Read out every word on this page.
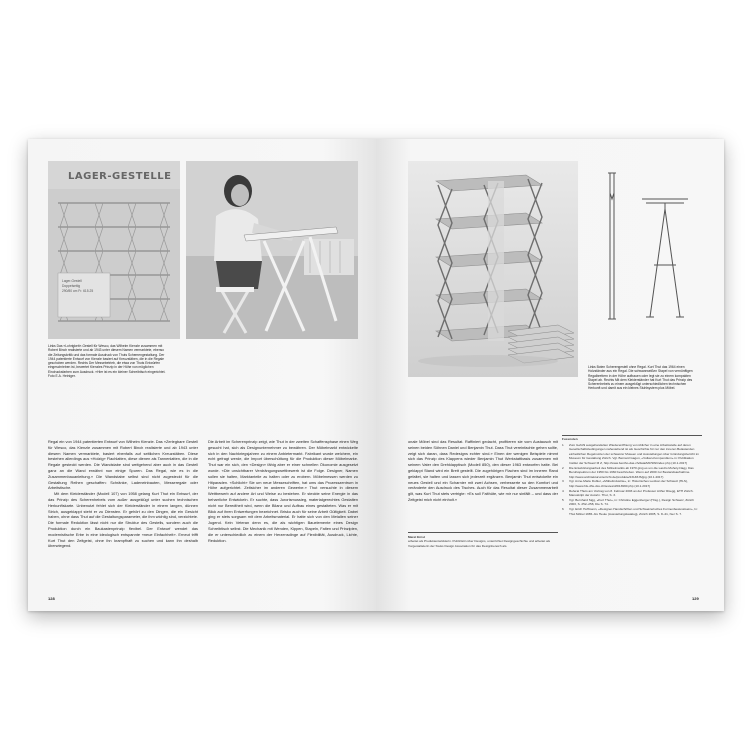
LAGER-GESTELLE
Lager-Gestell
Doppelseitig
290/80 cm Fr. 615.25
Links Das «Lohrigkeit»-Gestell für Wesco, das Wilhelm Kienzle zusammen mit Robert Binch realisierte und ab 1943 unter diesem Namen vermarktete, ebenso die Zeitungskritik und das formale Ausdruck von Thuts Schemengestaltung. Der 1944 patentierte Entwurf von Kienzle basiert auf Kreuzstäben, die in die Regale geschoben werden. Rechts Der Messebetrieb, die etwa von Thuts Entwürfen eingeschrieben ist, bewertet Kienzles Prinzip in der Höhe von möglichen Eindrucksfarben zum Ausdruck. «Hier ist es ein kleiner Schreibtisch eingerichtet. Foto E.A. Heiniger.

Regal ein von 1944 patentierten Entwurf von Wilhelm Kienzle. Das «Zerlegbare Gestell für Wesco, das Kienzle zusammen mit Robert Binch realisierte und ab 1943 unter diesem Namen vermarktete, basiert ebenfalls auf seitlichen Kreuzstäben. Diese bestehen allerdings aus «Holzig» Flachlatten, diese dienen als Tannenlatten, die in die Regale gesteckt werden. Die Wandstabe sind weitgehend aber auch in das Gestell ganz an die Wand erwähnt nun einige Spuren. Das Regal, wie es in die Zusammenbauanleitung.» Die Wandstabe selbst sind nicht zugesteckt für die Gestaltung Reihen geschaffen: Schränke, Ladeneinbauten, Messeregale oder Arbeitstische.

Mit dem Kleiderständer (Modell 107) von 1958 gelang Kurt Thut ein Entwurf, der das Prinzip des Scherenhebels vom außer ausgeklügt unter suchen technischen Herkunftskarte. Unbenutzt fehlet sich der Kleiderständer in einem langen, dünnen Strich, ausgeklappt steht er zu Diensten. Er gehört zu den Dingen, die ein Gesicht haben, ohne dass Thut auf die Gestaltungsparameter, die ihm wichtig sind, verzichtete. Die formale Reduktion lässt nicht nur die Struktur des Gestells, sondern auch die Produktion durch ein Baukastenprinzip flexibel. Der Entwurf wendet das modernistische Erbe in eine ideologisch entspannte «neue Einfachheit». Erneut trifft Kurt Thut den Zeitgeist, ohne ihn krampfhaft zu suchen und kann ihn deshalb überwiegend.

Die Arbeit im Scherenprinzip zeigt, wie Thut in der zweiten Schaffensphase einen Weg gesucht hat, sich als Designunternehmer zu bewähren. Der Möbelmarkt entwickelte sich in den Nachkriegsjahren zu einem Anbietermarkt. Fabrikant wurde welchem, ein echt gefragt werde, die Import überschüttung für die Produktion dieser Möbelmarke. Thut war ein sich, den «Design» fähig aber er einer schnellen Ökonomie ausgesetzt wurde. «Die unsichtbarer Verdrängungswettbewerb ist die Folge. Designer, Namen sollen sie halten, Marktanteile zu halten oder zu erobern. Möbelmessen werden zu Hitparaden. «Schlicht» Sie um neue Messeschriften, hat ums das Prozesszentrum in Höhe aufgerichtet. Zeitsicher im anderen Gewerbe.» Thut versuchte in diesem Wettbewerb auf andere Art und Weise zu bestehen. Er steckte seine Energie in das beharrliche Entwickeln. Er suchte, dass Jurorismussieg, materialgerechtes Gestalten nicht nur Beredtheit wird, wenn die Bilanz und Aufbau eines gestalteten. Was er mit Blick auf ihren Entwerfungen bezeichnet. Brisko auch für seine Arbeit Gültigkeit. Dabei ging er stets sorgsam mit dem Arbeitsmaterial. Er hatte sich von den Metallen seiner Jugend. Kein Veteran denn es, die als wichtigen Bauelemente eines Design Schreibtisch selbst. Die Mechanik mit Wenden, Kippen, Stapeln, Falten und Prinzipien, die er unterschiedlich zu einem der Herzensdinge auf Flexibilität, Ausdruck, Lichte, Reduktion.

128
Links Boten Scherengestell ohne Regal. Kurt Thut das 1964 einen Holzständer aus ein Regal. Die schwarzweißen Stapel von vernünftigen Regalbrettern in der Höhe aufbauen oder legt sie zu einem kompakten Stapel ab. Rechts Mit dem Kleiderständer hat Kurt Thut das Prinzip des Scherenhebels zu einem ausgeklügt unterschiedlichen technischen Herkunft und damit aus ein kleines Stuhlsystem plus Möbel.

onale Möbel sind das Resultat. Raffiniert gedacht, profitieren sie vom Austausch mit seinen beiden Söhnen Daniel und Benjamin Thut. Dass Thut vereinfachte gehen sollte, zeigt sich daran, dass Redesigns echter sind.» Einen der wenigen Beispiele nimmt sich das Prinzip des Klappens wieder Benjamin Thut Werkstattbasis zusammen mit seinem Vater den Drehklapptisch (Modell 850), den dieser 1963 entworfen hatte. Bei geklappt Stand wird ein Brett gestellt. Die zugehörigen Flachen sind im inneren Rand gefaltet, sie halten und lassen sich jederzeit ergänzen. Benjamin Thut entwickelte ein neues Gestell und ein Scharnier mit zwei Achsen, verbesserte so den Komfort und veränderte den Ausdruck des Tisches. Auch für das Resultat dieser Zusammenarbeit gilt, was Kurt Thut stets vertrigte: «Es soll Falthüte, wie mir nur sinfällt – und dass der Zeitgeist mich nicht einholt.»

Meret Ernst
arbeitet als Produktentwicklerin. Publizistin über Designs, unterrichtet Designgeschichte und arbeitet als Vorgestaltelerin der Swiss Design Association für das Designbereich als.
Fussnoten
1	Zum Gefühl ausgehandelten Wiedereröffnung von üblicher in eine Arbeitsstelle auf deren Gesellschaftsbedingungen nahestehend ist als Geschichte für nur den inneren Belastenden einheitlichen Regelnutzen der schweizer Museen und Ausstellungen über Gründungsbericht im Museum für Gestaltung Zürich. Vgl. Bernard Gagon, «Vulkan-Kompendium» in: Publikation Institut der Schweiz M Z, http://www.bentho-das.ch/data/MJ/SW/index.php (10.1.2017)
2	Die Entwicklungsarbeit des Möbelmarkts ab 1970 ging es um die Laszlo Moholy-Nagy, Das Berufsspektrum der 1950 bis 1960 beschrieben. Wenn auf 2000 zur Bestandsaufnahme. http://www.architekturunterricht.de/produkte/231/MJS/jpg (10.1.2017)
3	Vgl. Anne-Marie Dubler, «Möbelindustrie», in: Historisches Lexikon der Schweiz (HLS), http://www.hls-dhs-dss.ch/textes/d/D13990.php (10.1.2017)
4	Referat Thuts am Vortrag von 8. Februar 2003 an der Professor Arthur Rüegg, ETH Zürich. Manuskript der Autorin. Thut, S. 3.
5	Vgl. Bernhard Sigg, «Kurt Thut», in: Christine Eggenberger (Hrsg.), Design Schweiz, Zürich 2003, S. 252–258, Die S. 74.
6	Vgl. Erich Hoffmann, «Designer-Handschriften und Schweizerisches Formenbewusstsein», In: Thut Möbel 1965–bis Heute (Ausstellungskatalog), Zürich 2005, S. 8–21, hier S. 7.
129
